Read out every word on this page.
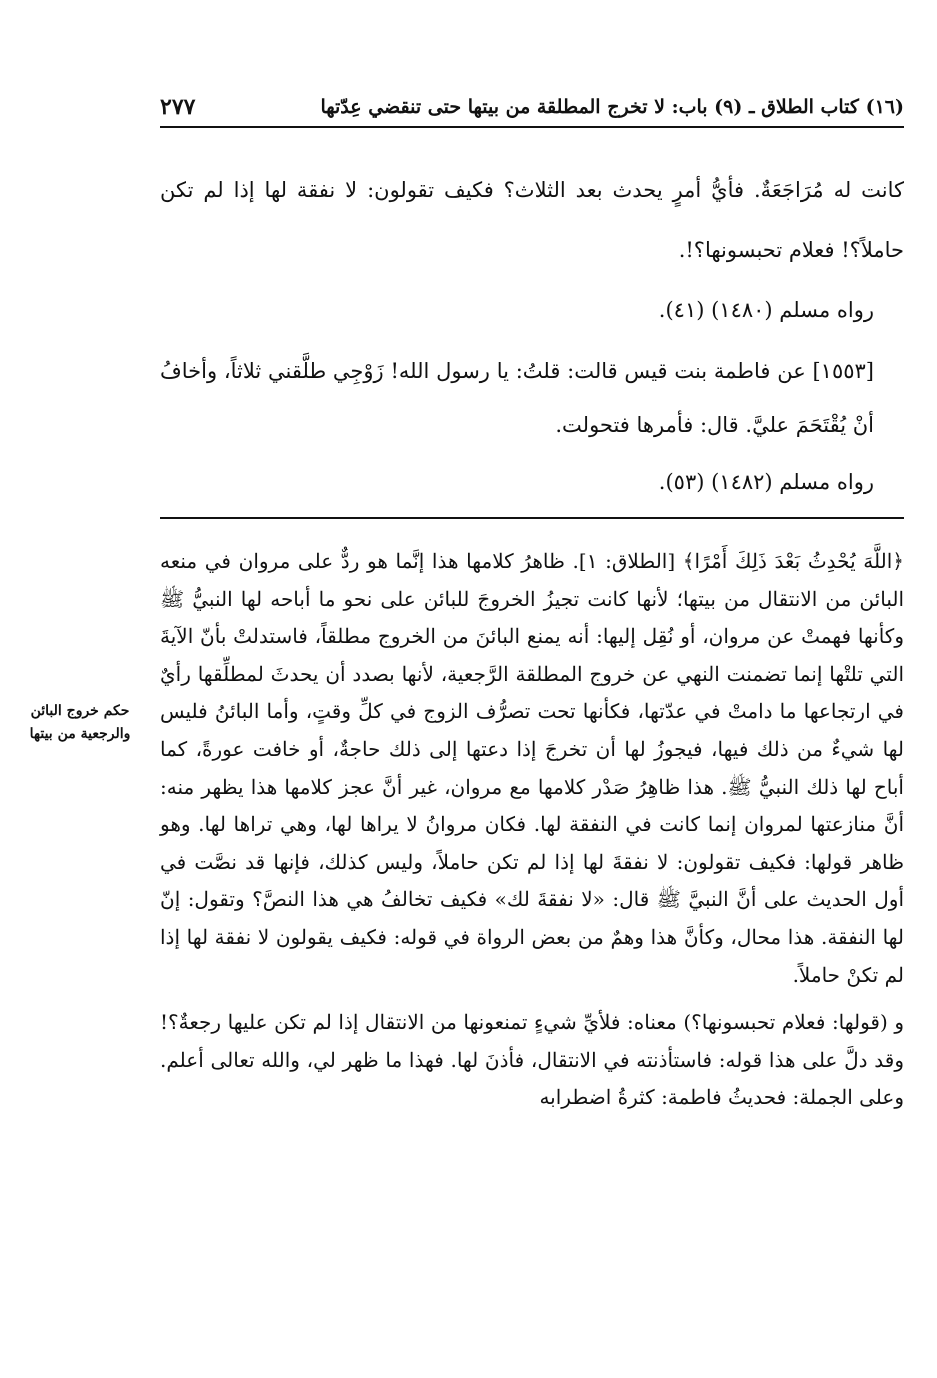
(١٦) كتاب الطلاق ـ (٩) باب: لا تخرج المطلقة من بيتها حتى تنقضي عِدّتها
٢٧٧

كانت له مُرَاجَعَةٌ. فأيُّ أمرٍ يحدث بعد الثلاث؟ فكيف تقولون: لا نفقة لها إذا لم تكن حاملاً؟! فعلام تحبسونها؟!.

رواه مسلم (١٤٨٠) (٤١).

[١٥٥٣] عن فاطمة بنت قيس قالت: قلتُ: يا رسول الله! زَوْجِي طلَّقني ثلاثاً، وأخافُ أنْ يُقْتَحَمَ عليَّ. قال: فأمرها فتحولت.

رواه مسلم (١٤٨٢) (٥٣).

﴿اللَّهَ يُحْدِثُ بَعْدَ ذَلِكَ أَمْرًا﴾ [الطلاق: ١]. ظاهرُ كلامها هذا إنَّما هو ردٌّ على مروان في منعه البائن من الانتقال من بيتها؛ لأنها كانت تجيزُ الخروجَ للبائن على نحو ما أباحه لها النبيُّ ﷺ وكأنها فهمتْ عن مروان، أو نُقِل إليها: أنه يمنع البائنَ من الخروج مطلقاً، فاستدلتْ بأنّ الآيةَ التي تلتْها إنما تضمنت النهي عن خروج المطلقة الرَّجعية، لأنها بصدد أن يحدثَ لمطلِّقها رأيٌ في ارتجاعها ما دامتْ في عدّتها، فكأنها تحت تصرُّف الزوج في كلِّ وقتٍ، وأما البائنُ فليس لها شيءٌ من ذلك فيها، فيجوزُ لها أن تخرجَ إذا دعتها إلى ذلك حاجةٌ، أو خافت عورةً، كما أباح لها ذلك النبيُّ ﷺ. هذا ظاهِرُ صَدْر كلامها مع مروان، غير أنَّ عجز كلامها هذا يظهر منه: أنَّ منازعتها لمروان إنما كانت في النفقة لها. فكان مروانُ لا يراها لها، وهي تراها لها. وهو ظاهر قولها: فكيف تقولون: لا نفقةَ لها إذا لم تكن حاملاً، وليس كذلك، فإنها قد نصَّت في أول الحديث على أنَّ النبيَّ ﷺ قال: «لا نفقةَ لك» فكيف تخالفُ هي هذا النصَّ؟ وتقول: إنّ لها النفقة. هذا محال، وكأنَّ هذا وهمٌ من بعض الرواة في قوله: فكيف يقولون لا نفقة لها إذا لم تكنْ حاملاً.

و (قولها: فعلام تحبسونها؟) معناه: فلأيِّ شيءٍ تمنعونها من الانتقال إذا لم تكن عليها رجعةٌ؟! وقد دلَّ على هذا قوله: فاستأذنته في الانتقال، فأذنَ لها. فهذا ما ظهر لي، والله تعالى أعلم. وعلى الجملة: فحديثُ فاطمة: كثرةُ اضطرابه

حكم خروج البائن والرجعية من بيتها
